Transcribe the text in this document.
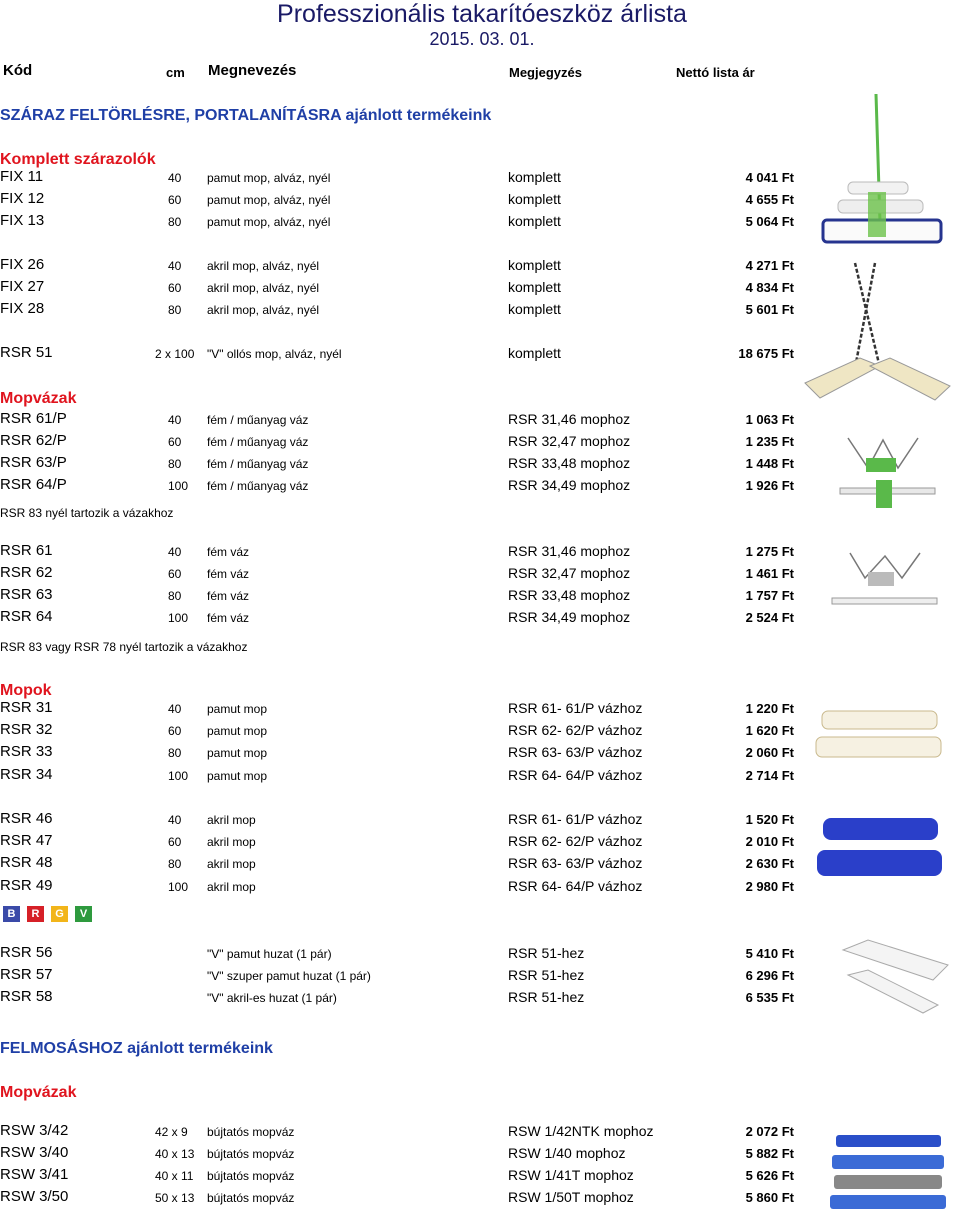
Professzionális takarítóeszköz árlista
2015. 03. 01.
Kód	cm Megnevezés	Megjegyzés	Nettó lista ár
SZÁRAZ FELTÖRLÉSRE, PORTALANÍTÁSRA ajánlott termékeink
Komplett szárazolók
Mopvázak
Mopok
FELMOSÁSHOZ ajánlott termékeink
Mopvázak
RSR 83 nyél tartozik a vázakhoz
RSR 83 vagy RSR 78 nyél tartozik a vázakhoz
FIX 11	40 pamut mop, alváz, nyél	komplett	4 041 Ft
FIX 12	60 pamut mop, alváz, nyél	komplett	4 655 Ft
FIX 13	80 pamut mop, alváz, nyél	komplett	5 064 Ft
FIX 26	40 akril mop, alváz, nyél	komplett	4 271 Ft
FIX 27	60 akril mop, alváz, nyél	komplett	4 834 Ft
FIX 28	80 akril mop, alváz, nyél	komplett	5 601 Ft
RSR 51	2 x 100 "V" ollós mop, alváz, nyél	komplett	18 675 Ft
RSR 61/P	40 fém / műanyag váz	RSR 31,46 mophoz	1 063 Ft
RSR 62/P	60 fém / műanyag váz	RSR 32,47 mophoz	1 235 Ft
RSR 63/P	80 fém / műanyag váz	RSR 33,48 mophoz	1 448 Ft
RSR 64/P	100 fém / műanyag váz	RSR 34,49 mophoz	1 926 Ft
RSR 61	40 fém váz	RSR 31,46 mophoz	1 275 Ft
RSR 62	60 fém váz	RSR 32,47 mophoz	1 461 Ft
RSR 63	80 fém váz	RSR 33,48 mophoz	1 757 Ft
RSR 64	100 fém váz	RSR 34,49 mophoz	2 524 Ft
RSR 31	40 pamut mop	RSR 61- 61/P vázhoz	1 220 Ft
RSR 32	60 pamut mop	RSR 62- 62/P vázhoz	1 620 Ft
RSR 33	80 pamut mop	RSR 63- 63/P vázhoz	2 060 Ft
RSR 34	100 pamut mop	RSR 64- 64/P vázhoz	2 714 Ft
RSR 46	40 akril mop	RSR 61- 61/P vázhoz	1 520 Ft
RSR 47	60 akril mop	RSR 62- 62/P vázhoz	2 010 Ft
RSR 48	80 akril mop	RSR 63- 63/P vázhoz	2 630 Ft
RSR 49	100 akril mop	RSR 64- 64/P vázhoz	2 980 Ft
RSR 56	"V" pamut huzat (1 pár)	RSR 51-hez	5 410 Ft
RSR 57	"V" szuper pamut huzat (1 pár)	RSR 51-hez	6 296 Ft
RSR 58	"V" akril-es huzat (1 pár)	RSR 51-hez	6 535 Ft
RSW 3/42	42 x 9 bújtatós mopváz	RSW 1/42NTK mophoz	2 072 Ft
RSW 3/40	40 x 13 bújtatós mopváz	RSW 1/40 mophoz	5 882 Ft
RSW 3/41	40 x 11 bújtatós mopváz	RSW 1/41T mophoz	5 626 Ft
RSW 3/50	50 x 13 bújtatós mopváz	RSW 1/50T mophoz	5 860 Ft
B	R	G	V
